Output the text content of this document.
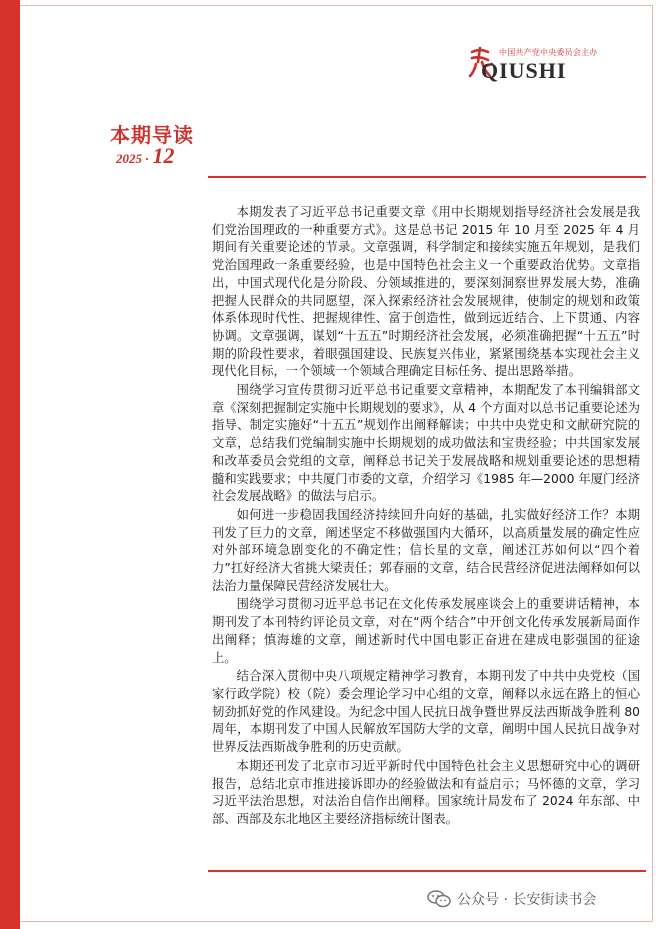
中国共产党中央委员会主办
QIUSHI
本期导读
2025 · 12

本期发表了习近平总书记重要文章《用中长期规划指导经济社会发展是我们党治国理政的一种重要方式》。这是总书记 2015 年 10 月至 2025 年 4 月期间有关重要论述的节录。文章强调，科学制定和接续实施五年规划，是我们党治国理政一条重要经验，也是中国特色社会主义一个重要政治优势。文章指出，中国式现代化是分阶段、分领域推进的，要深刻洞察世界发展大势，准确把握人民群众的共同愿望，深入探索经济社会发展规律，使制定的规划和政策体系体现时代性、把握规律性、富于创造性，做到远近结合、上下贯通、内容协调。文章强调，谋划“十五五”时期经济社会发展，必须准确把握“十五五”时期的阶段性要求，着眼强国建设、民族复兴伟业，紧紧围绕基本实现社会主义现代化目标，一个领域一个领域合理确定目标任务、提出思路举措。

围绕学习宣传贯彻习近平总书记重要文章精神，本期配发了本刊编辑部文章《深刻把握制定实施中长期规划的要求》，从 4 个方面对以总书记重要论述为指导、制定实施好“十五五”规划作出阐释解读；中共中央党史和文献研究院的文章，总结我们党编制实施中长期规划的成功做法和宝贵经验；中共国家发展和改革委员会党组的文章，阐释总书记关于发展战略和规划重要论述的思想精髓和实践要求；中共厦门市委的文章，介绍学习《1985 年—2000 年厦门经济社会发展战略》的做法与启示。

如何进一步稳固我国经济持续回升向好的基础，扎实做好经济工作？本期刊发了巨力的文章，阐述坚定不移做强国内大循环，以高质量发展的确定性应对外部环境急剧变化的不确定性；信长星的文章，阐述江苏如何以“四个着力”扛好经济大省挑大梁责任；郭春丽的文章，结合民营经济促进法阐释如何以法治力量保障民营经济发展壮大。

围绕学习贯彻习近平总书记在文化传承发展座谈会上的重要讲话精神，本期刊发了本刊特约评论员文章，对在“两个结合”中开创文化传承发展新局面作出阐释；慎海雄的文章，阐述新时代中国电影正奋进在建成电影强国的征途上。

结合深入贯彻中央八项规定精神学习教育，本期刊发了中共中央党校（国家行政学院）校（院）委会理论学习中心组的文章，阐释以永远在路上的恒心韧劲抓好党的作风建设。为纪念中国人民抗日战争暨世界反法西斯战争胜利 80 周年，本期刊发了中国人民解放军国防大学的文章，阐明中国人民抗日战争对世界反法西斯战争胜利的历史贡献。

本期还刊发了北京市习近平新时代中国特色社会主义思想研究中心的调研报告，总结北京市推进接诉即办的经验做法和有益启示；马怀德的文章，学习习近平法治思想，对法治自信作出阐释。国家统计局发布了 2024 年东部、中部、西部及东北地区主要经济指标统计图表。

公众号 · 长安街读书会
